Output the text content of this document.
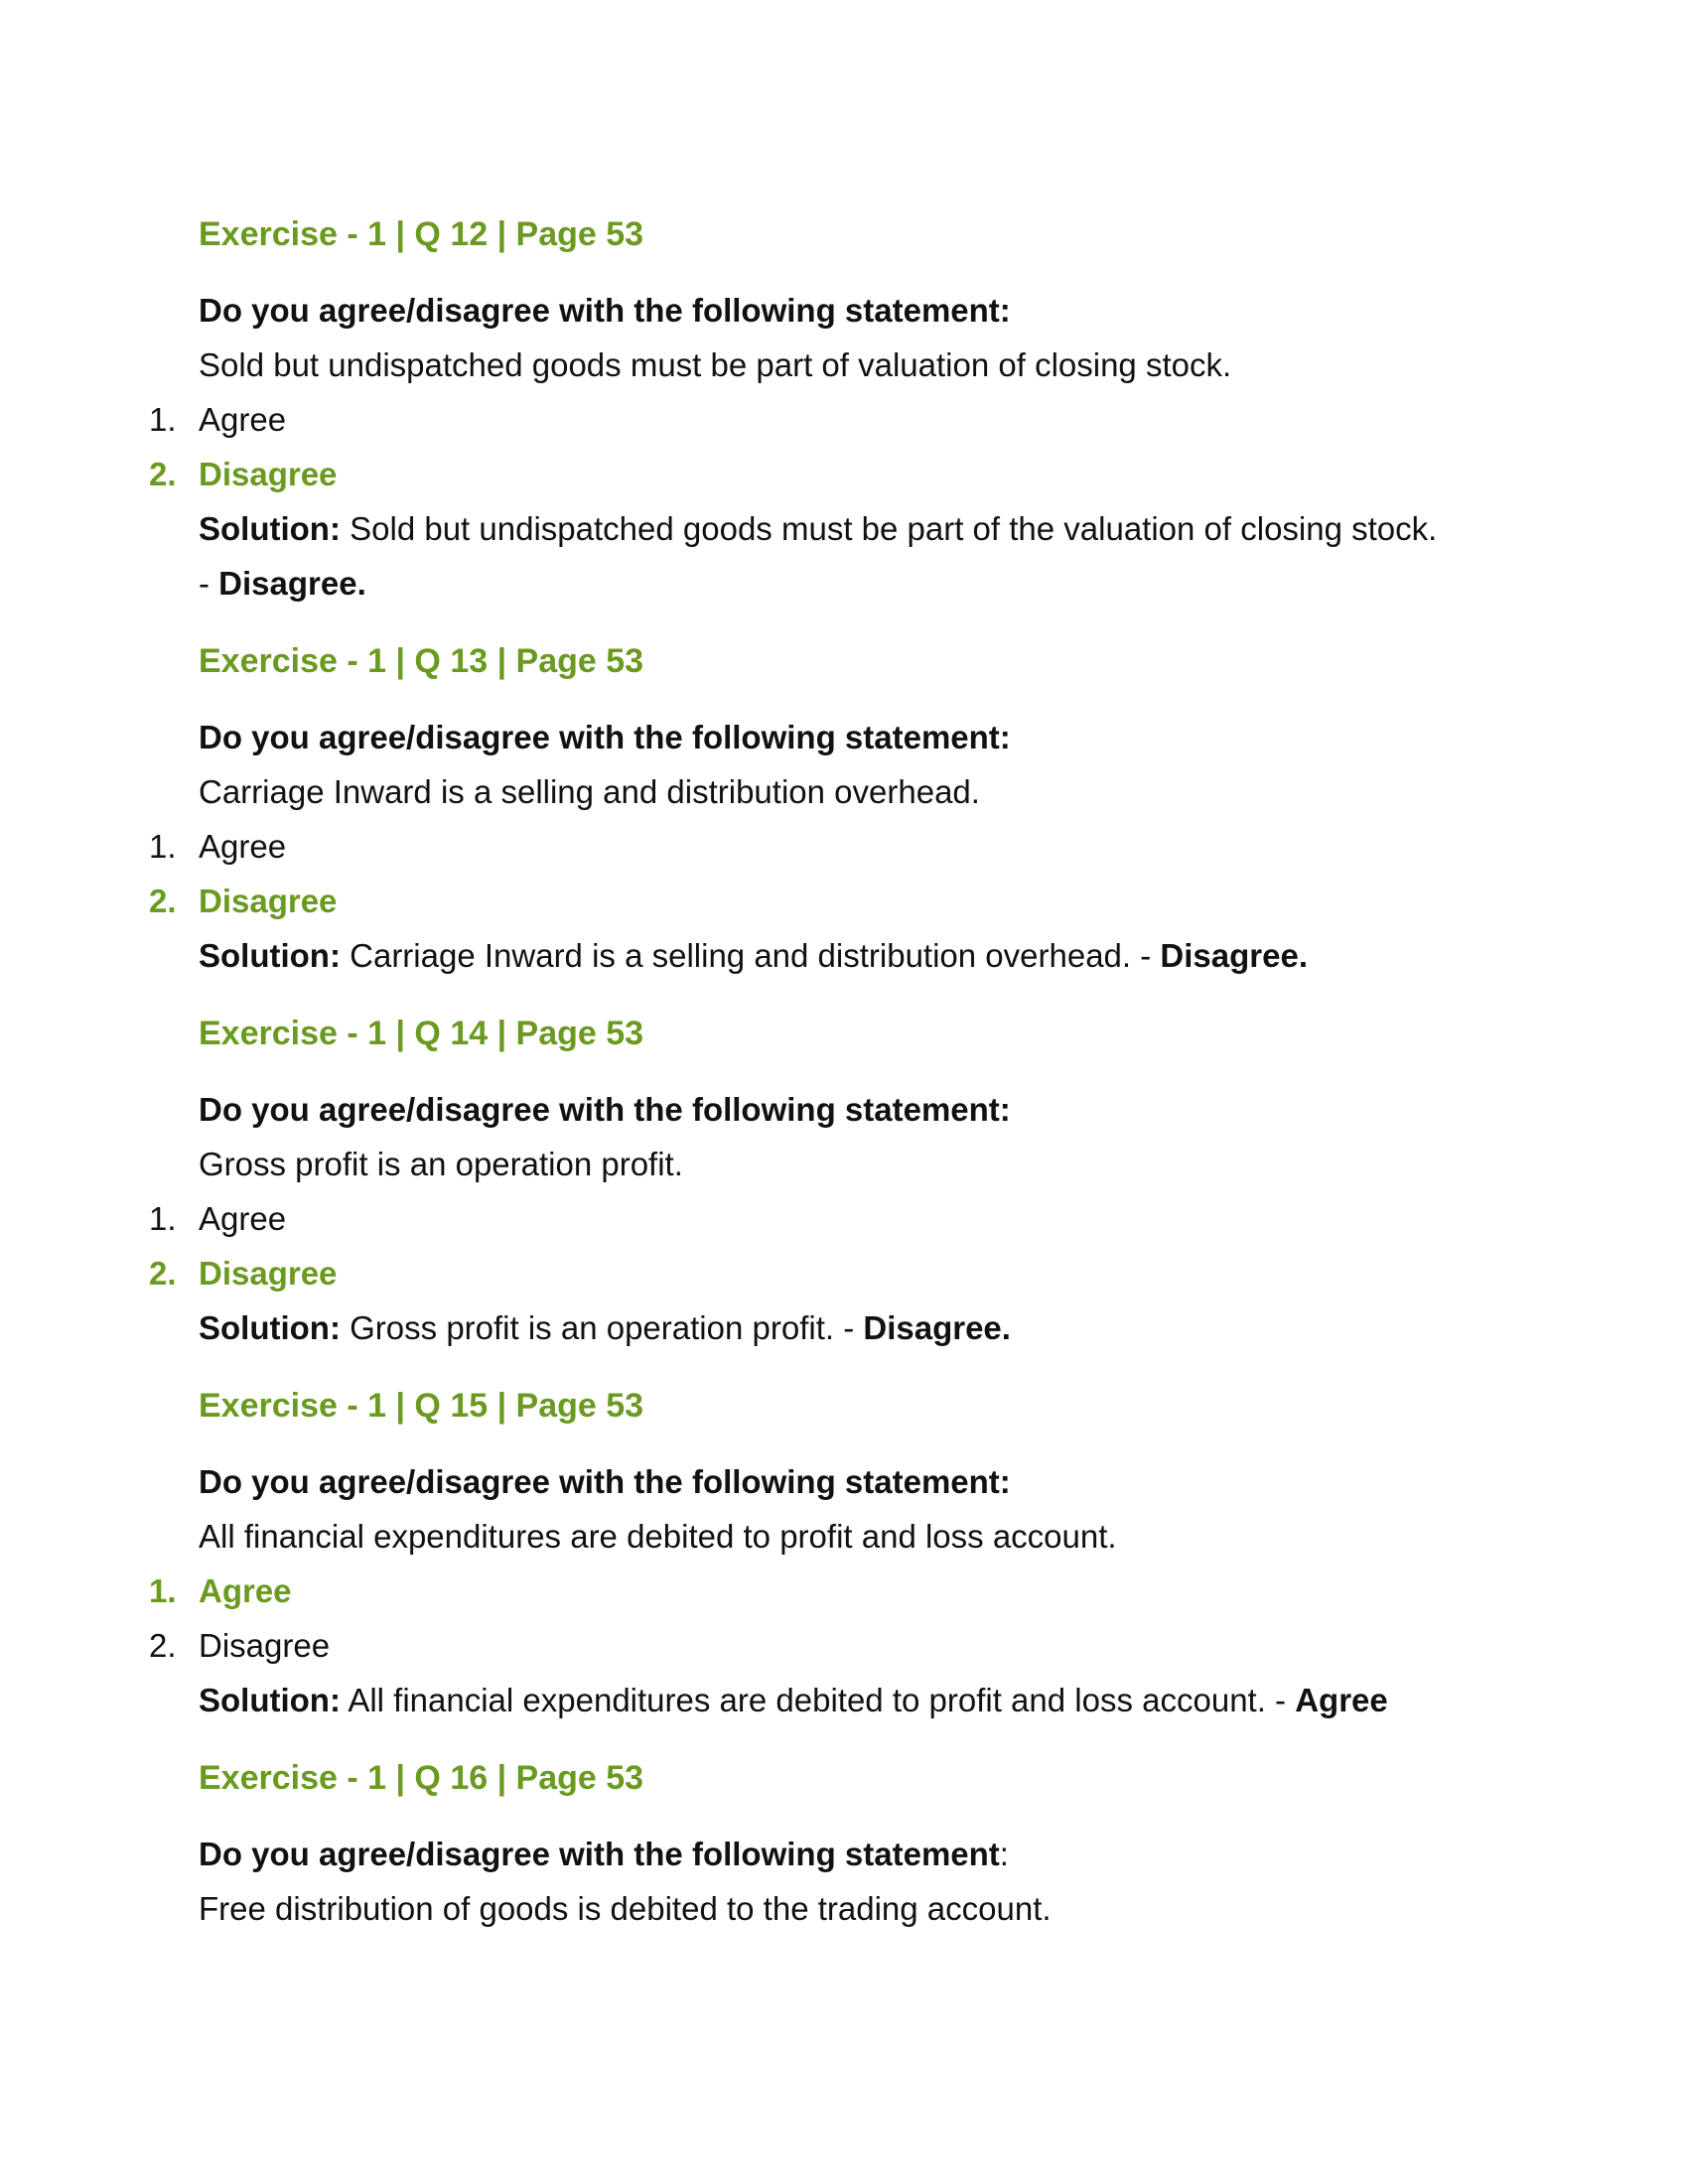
Exercise - 1 | Q 12 | Page 53
Do you agree/disagree with the following statement:
Sold but undispatched goods must be part of valuation of closing stock.
1. Agree
2. Disagree
Solution: Sold but undispatched goods must be part of the valuation of closing stock.
- Disagree.
Exercise - 1 | Q 13 | Page 53
Do you agree/disagree with the following statement:
Carriage Inward is a selling and distribution overhead.
1. Agree
2. Disagree
Solution: Carriage Inward is a selling and distribution overhead. - Disagree.
Exercise - 1 | Q 14 | Page 53
Do you agree/disagree with the following statement:
Gross profit is an operation profit.
1. Agree
2. Disagree
Solution: Gross profit is an operation profit. - Disagree.
Exercise - 1 | Q 15 | Page 53
Do you agree/disagree with the following statement:
All financial expenditures are debited to profit and loss account.
1. Agree
2. Disagree
Solution: All financial expenditures are debited to profit and loss account. - Agree
Exercise - 1 | Q 16 | Page 53
Do you agree/disagree with the following statement:
Free distribution of goods is debited to the trading account.
